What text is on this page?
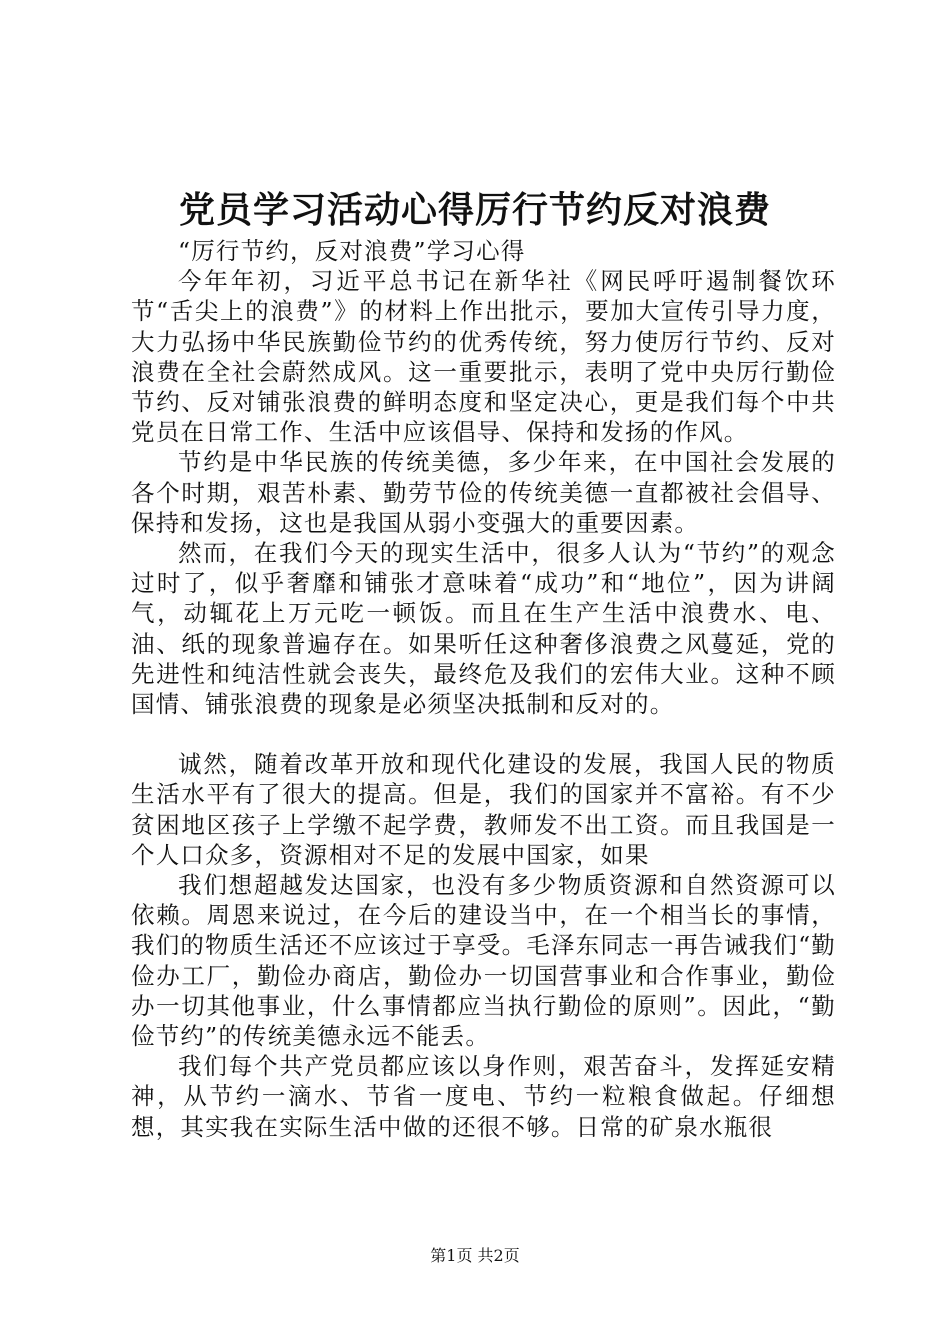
党员学习活动心得厉行节约反对浪费

“厉行节约，反对浪费”学习心得

今年年初，习近平总书记在新华社《网民呼吁遏制餐饮环节“舌尖上的浪费”》的材料上作出批示，要加大宣传引导力度，大力弘扬中华民族勤俭节约的优秀传统，努力使厉行节约、反对浪费在全社会蔚然成风。这一重要批示，表明了党中央厉行勤俭节约、反对铺张浪费的鲜明态度和坚定决心，更是我们每个中共党员在日常工作、生活中应该倡导、保持和发扬的作风。

节约是中华民族的传统美德，多少年来，在中国社会发展的各个时期，艰苦朴素、勤劳节俭的传统美德一直都被社会倡导、保持和发扬，这也是我国从弱小变强大的重要因素。

然而，在我们今天的现实生活中，很多人认为“节约”的观念过时了，似乎奢靡和铺张才意味着“成功”和“地位”，因为讲阔气，动辄花上万元吃一顿饭。而且在生产生活中浪费水、电、油、纸的现象普遍存在。如果听任这种奢侈浪费之风蔓延，党的先进性和纯洁性就会丧失，最终危及我们的宏伟大业。这种不顾国情、铺张浪费的现象是必须坚决抵制和反对的。

诚然，随着改革开放和现代化建设的发展，我国人民的物质生活水平有了很大的提高。但是，我们的国家并不富裕。有不少贫困地区孩子上学缴不起学费，教师发不出工资。而且我国是一个人口众多，资源相对不足的发展中国家，如果

我们想超越发达国家，也没有多少物质资源和自然资源可以依赖。周恩来说过，在今后的建设当中，在一个相当长的事情，我们的物质生活还不应该过于享受。毛泽东同志一再告诫我们“勤俭办工厂，勤俭办商店，勤俭办一切国营事业和合作事业，勤俭办一切其他事业，什么事情都应当执行勤俭的原则”。因此，“勤俭节约”的传统美德永远不能丢。

我们每个共产党员都应该以身作则，艰苦奋斗，发挥延安精神，从节约一滴水、节省一度电、节约一粒粮食做起。仔细想想，其实我在实际生活中做的还很不够。日常的矿泉水瓶很

第1页 共2页
